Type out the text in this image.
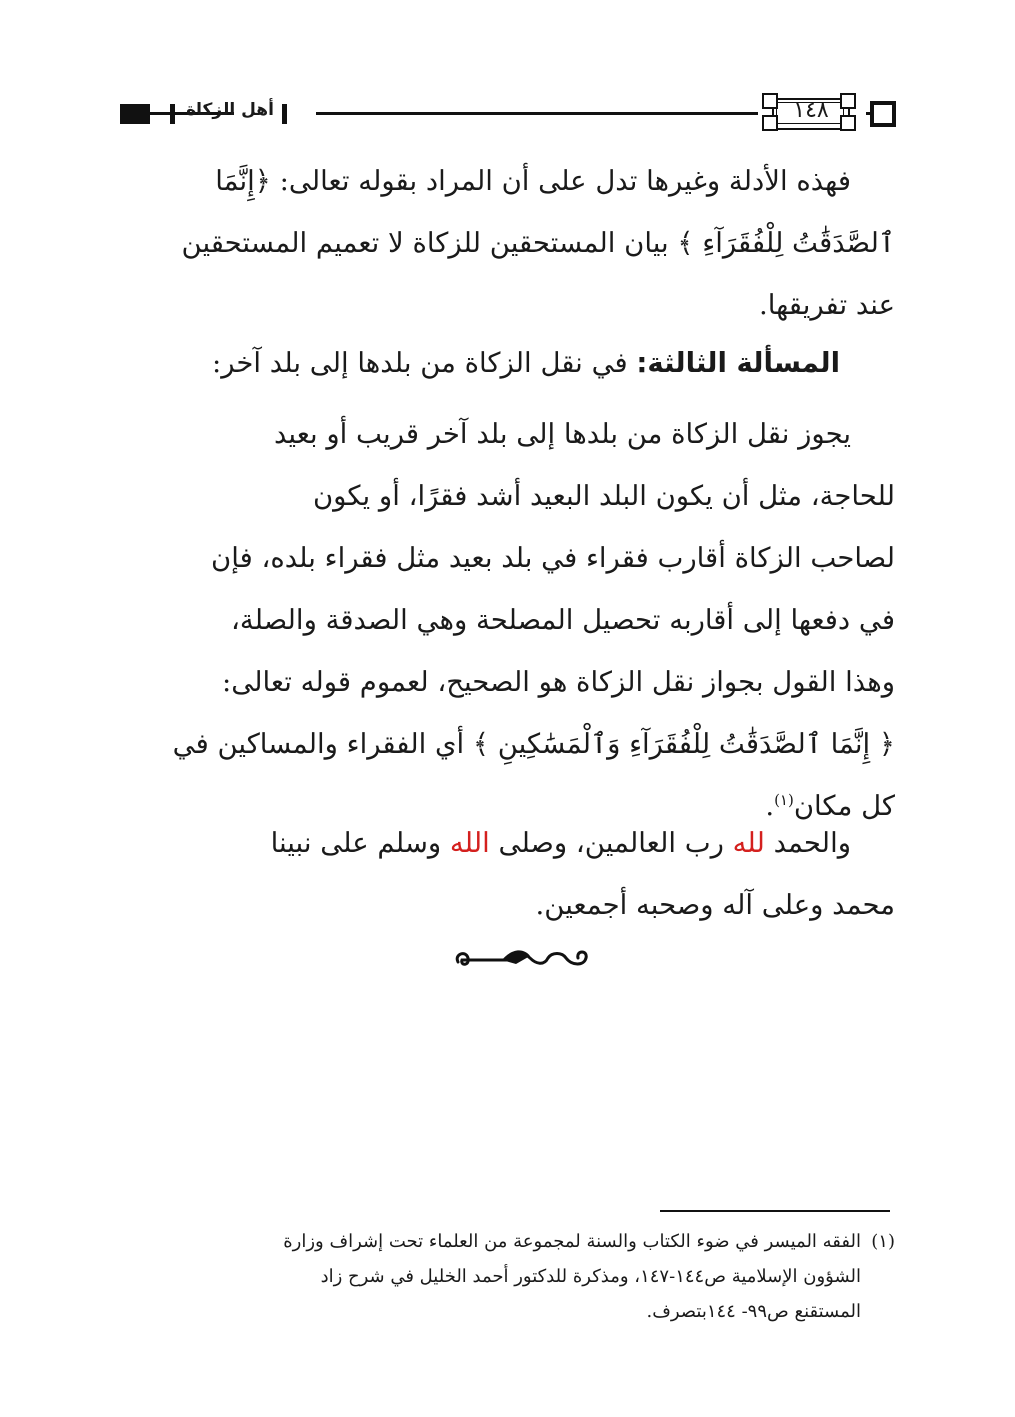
أهل الزكاة	١٤٨
فهذه الأدلة وغيرها تدل على أن المراد بقوله تعالى: ﴿إِنَّمَا
ٱلصَّدَقَٰتُ لِلْفُقَرَآءِ ﴾ بيان المستحقين للزكاة لا تعميم المستحقين
عند تفريقها.
المسألة الثالثة: في نقل الزكاة من بلدها إلى بلد آخر:
يجوز نقل الزكاة من بلدها إلى بلد آخر قريب أو بعيد
للحاجة، مثل أن يكون البلد البعيد أشد فقرًا، أو يكون
لصاحب الزكاة أقارب فقراء في بلد بعيد مثل فقراء بلده، فإن
في دفعها إلى أقاربه تحصيل المصلحة وهي الصدقة والصلة،
وهذا القول بجواز نقل الزكاة هو الصحيح، لعموم قوله تعالى:
﴿ إِنَّمَا ٱلصَّدَقَٰتُ لِلْفُقَرَآءِ وَٱلْمَسَٰكِينِ ﴾ أي الفقراء والمساكين في
كل مكان$^{(١)}$.
والحمد لله رب العالمين، وصلى الله وسلم على نبينا
محمد وعلى آله وصحبه أجمعين.
(١)الفقه الميسر في ضوء الكتاب والسنة لمجموعة من العلماء تحت إشراف وزارة
الشؤون الإسلامية ص١٤٤-١٤٧، ومذكرة للدكتور أحمد الخليل في شرح زاد
المستقنع ص٩٩- ١٤٤بتصرف.
